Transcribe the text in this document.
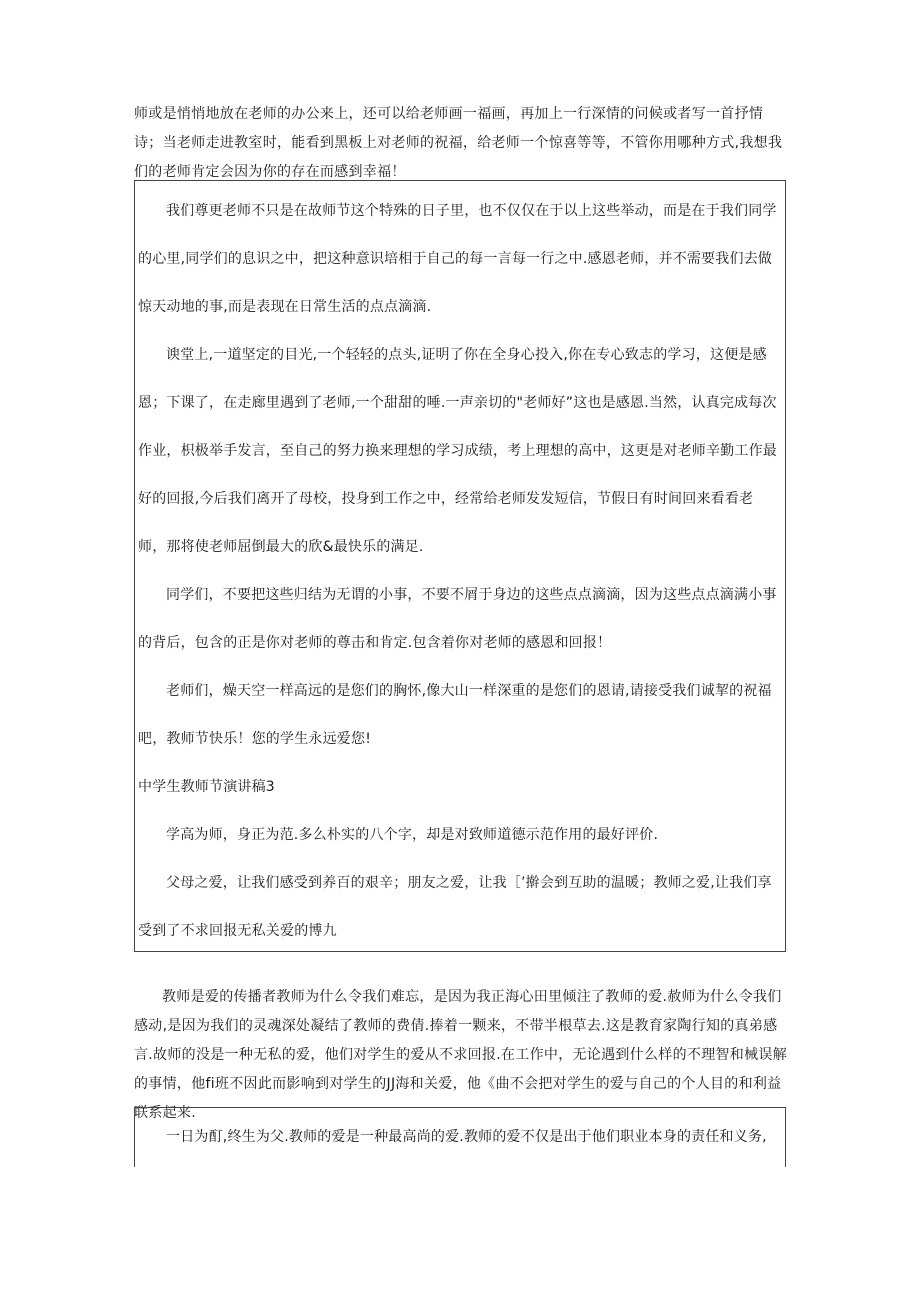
师或是悄悄地放在老师的办公来上，还可以给老师画一福画，再加上一行深情的问候或者写一首抒情诗；当老师走进教室时，能看到黑板上对老师的祝福，给老师一个惊喜等等，不管你用哪种方式,我想我们的老师肯定会因为你的存在而感到幸福！

我们尊更老师不只是在故师节这个特殊的日子里，也不仅仅在于以上这些举动，而是在于我们同学的心里,同学们的息识之中，把这种意识培相于自己的每一言每一行之中.感恩老师，并不需要我们去做惊天动地的事,而是表现在日常生活的点点滴滴.

谀堂上,一道坚定的目光,一个轻轻的点头,证明了你在全身心投入,你在专心致志的学习，这便是感恩；下课了，在走廊里遇到了老师,一个甜甜的唾.一声亲切的"老师好”这也是感恩.当然，认真完成每次作业，枳极举手发言，至自己的努力换来理想的学习成绩，考上理想的高中，这更是对老师辛勤工作最好的回报,今后我们离开了母校，投身到工作之中，经常给老师发发短信，节假日有时间回来看看老师，那将使老师屈倒最大的欣&最快乐的满足.

同学们，不要把这些归结为无谓的小事，不要不屑于身边的这些点点滴滴，因为这些点点滴满小事的背后，包含的正是你对老师的尊击和肯定.包含着你对老师的感恩和回报！

老师们，燥天空一样高远的是您们的胸怀,像大山一样深重的是您们的恩请,请接受我们诚挈的祝福吧，教师节快乐！您的学生永远爱您!

中学生教师节演讲稿3

学高为师，身正为范.多么朴实的八个字，却是对致师道德示范作用的最好评价.

父母之爱，让我们感受到养百的艰辛；朋友之爱，让我［’擀会到互助的温暖；教师之爱,让我们享受到了不求回报无私关爱的博九

教师是爱的传播者教师为什么令我们难忘，是因为我正海心田里倾注了教师的爱.赦师为什么令我们感动,是因为我们的灵魂深处凝结了教师的费倩.捧着一颗来，不带半根草去.这是教育家陶行知的真弟感言.故师的没是一种无私的爱，他们对学生的爱从不求回报.在工作中，无论遇到什么样的不理智和械误解的事情，他fi班不因此而影响到对学生的JJ海和关爱，他《曲不会把对学生的爱与自己的个人目的和利益联系起来.

一日为酊,终生为父.教师的爱是一种最高尚的爱.教师的爱不仅是出于他们职业本身的责任和义务,
